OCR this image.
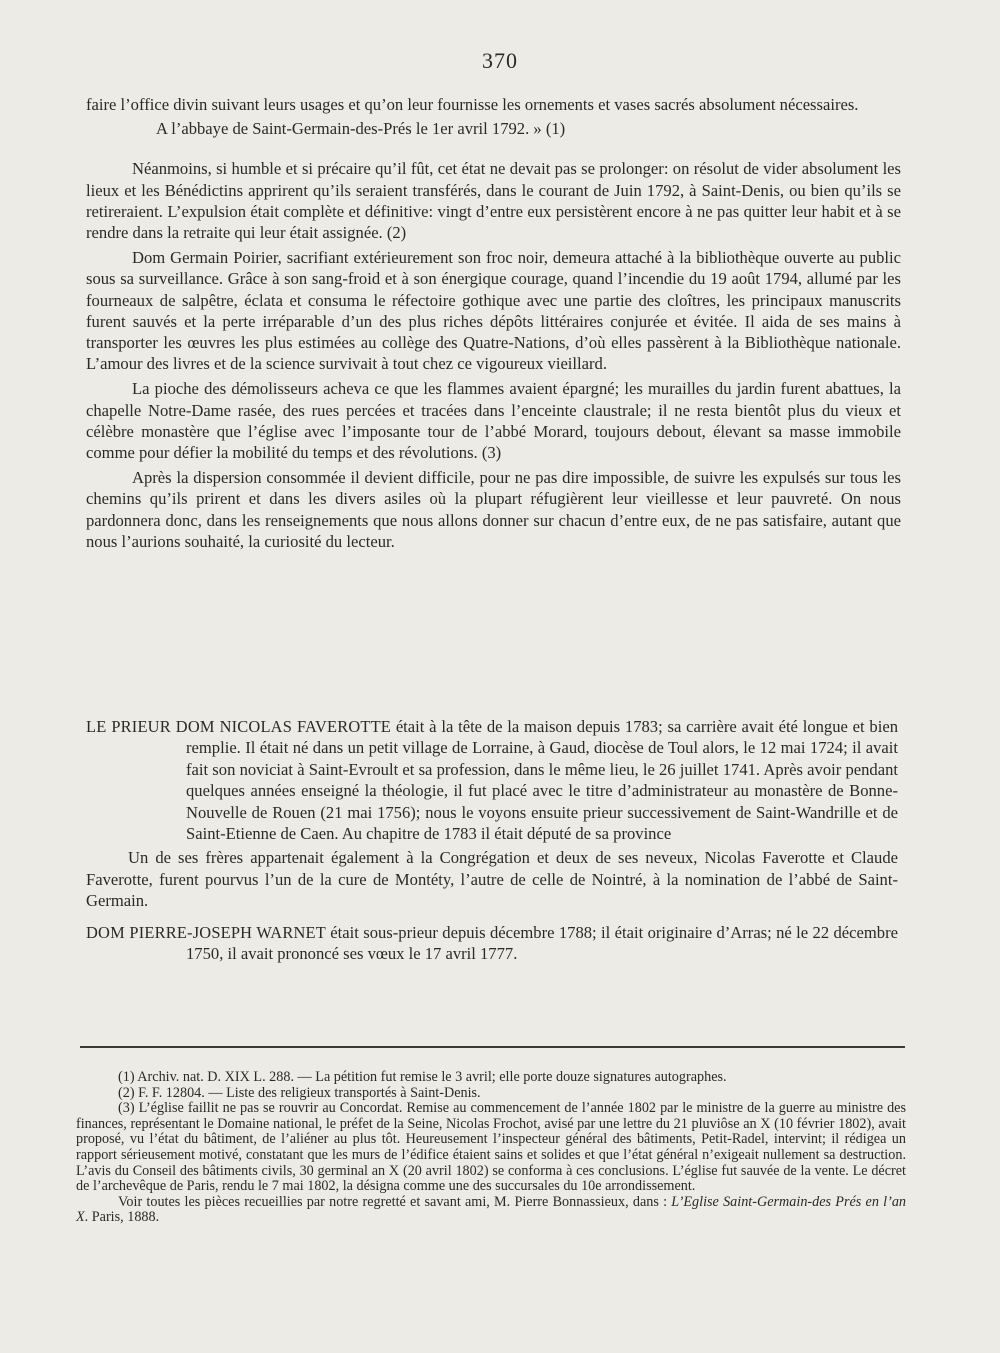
370

faire l’office divin suivant leurs usages et qu’on leur fournisse les ornements et vases sacrés absolument nécessaires.

A l’abbaye de Saint-Germain-des-Prés le 1er avril 1792. » (1)

Néanmoins, si humble et si précaire qu’il fût, cet état ne devait pas se prolonger: on résolut de vider absolument les lieux et les Bénédictins apprirent qu’ils seraient transférés, dans le courant de Juin 1792, à Saint-Denis, ou bien qu’ils se retireraient. L’expulsion était complète et définitive: vingt d’entre eux persistèrent encore à ne pas quitter leur habit et à se rendre dans la retraite qui leur était assignée. (2)

Dom Germain Poirier, sacrifiant extérieurement son froc noir, demeura attaché à la bibliothèque ouverte au public sous sa surveillance. Grâce à son sang-froid et à son énergique courage, quand l’incendie du 19 août 1794, allumé par les fourneaux de salpêtre, éclata et consuma le réfectoire gothique avec une partie des cloîtres, les principaux manuscrits furent sauvés et la perte irréparable d’un des plus riches dépôts littéraires conjurée et évitée. Il aida de ses mains à transporter les œuvres les plus estimées au collège des Quatre-Nations, d’où elles passèrent à la Bibliothèque nationale. L’amour des livres et de la science survivait à tout chez ce vigoureux vieillard.

La pioche des démolisseurs acheva ce que les flammes avaient épargné; les murailles du jardin furent abattues, la chapelle Notre-Dame rasée, des rues percées et tracées dans l’enceinte claustrale; il ne resta bientôt plus du vieux et célèbre monastère que l’église avec l’imposante tour de l’abbé Morard, toujours debout, élevant sa masse immobile comme pour défier la mobilité du temps et des révolutions. (3)

Après la dispersion consommée il devient difficile, pour ne pas dire impossible, de suivre les expulsés sur tous les chemins qu’ils prirent et dans les divers asiles où la plupart réfugièrent leur vieillesse et leur pauvreté. On nous pardonnera donc, dans les renseignements que nous allons donner sur chacun d’entre eux, de ne pas satisfaire, autant que nous l’aurions souhaité, la curiosité du lecteur.

LE PRIEUR DOM NICOLAS FAVEROTTE était à la tête de la maison depuis 1783; sa carrière avait été longue et bien remplie. Il était né dans un petit village de Lorraine, à Gaud, diocèse de Toul alors, le 12 mai 1724; il avait fait son noviciat à Saint-Evroult et sa profession, dans le même lieu, le 26 juillet 1741. Après avoir pendant quelques années enseigné la théologie, il fut placé avec le titre d’administrateur au monastère de Bonne-Nouvelle de Rouen (21 mai 1756); nous le voyons ensuite prieur successivement de Saint-Wandrille et de Saint-Etienne de Caen. Au chapitre de 1783 il était député de sa province

Un de ses frères appartenait également à la Congrégation et deux de ses neveux, Nicolas Faverotte et Claude Faverotte, furent pourvus l’un de la cure de Montéty, l’autre de celle de Nointré, à la nomination de l’abbé de Saint-Germain.

DOM PIERRE-JOSEPH WARNET était sous-prieur depuis décembre 1788; il était originaire d’Arras; né le 22 décembre 1750, il avait prononcé ses vœux le 17 avril 1777.

(1) Archiv. nat. D. XIX L. 288. — La pétition fut remise le 3 avril; elle porte douze signatures autographes.

(2) F. F. 12804. — Liste des religieux transportés à Saint-Denis.

(3) L’église faillit ne pas se rouvrir au Concordat. Remise au commencement de l’année 1802 par le ministre de la guerre au ministre des finances, représentant le Domaine national, le préfet de la Seine, Nicolas Frochot, avisé par une lettre du 21 pluviôse an X (10 février 1802), avait proposé, vu l’état du bâtiment, de l’aliéner au plus tôt. Heureusement l’inspecteur général des bâtiments, Petit-Radel, intervint; il rédigea un rapport sérieusement motivé, constatant que les murs de l’édifice étaient sains et solides et que l’état général n’exigeait nullement sa destruction. L’avis du Conseil des bâtiments civils, 30 germinal an X (20 avril 1802) se conforma à ces conclusions. L’église fut sauvée de la vente. Le décret de l’archevêque de Paris, rendu le 7 mai 1802, la désigna comme une des succursales du 10e arrondissement.

Voir toutes les pièces recueillies par notre regretté et savant ami, M. Pierre Bonnassieux, dans : L’Eglise Saint-Germain-des Prés en l’an X. Paris, 1888.
